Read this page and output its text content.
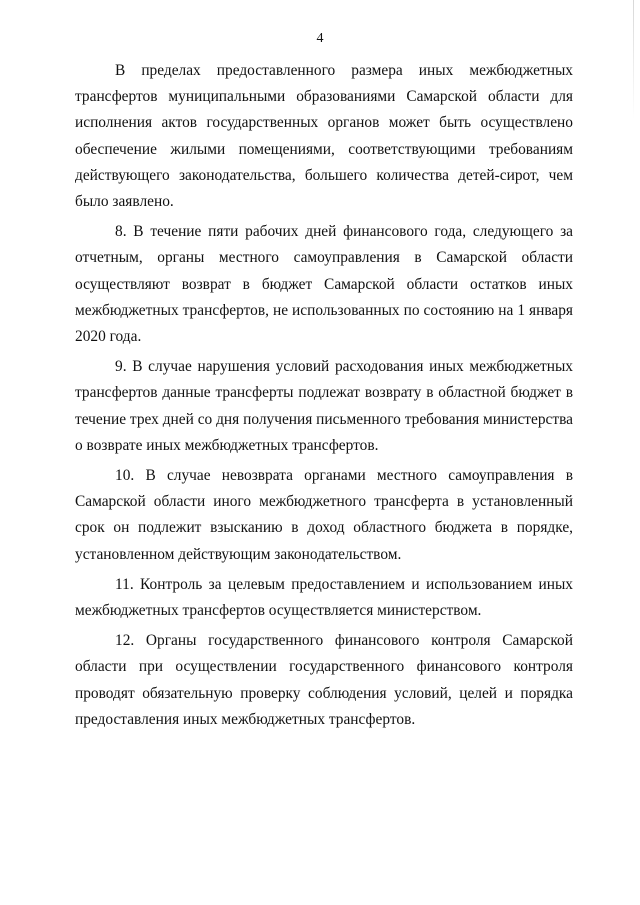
4

В пределах предоставленного размера иных межбюджетных трансфертов муниципальными образованиями Самарской области для исполнения актов государственных органов может быть осуществлено обеспечение жилыми помещениями, соответствующими требованиям действующего законодательства, большего количества детей-сирот, чем было заявлено.

8. В течение пяти рабочих дней финансового года, следующего за отчетным, органы местного самоуправления в Самарской области осуществляют возврат в бюджет Самарской области остатков иных межбюджетных трансфертов, не использованных по состоянию на 1 января 2020 года.

9. В случае нарушения условий расходования иных межбюджетных трансфертов данные трансферты подлежат возврату в областной бюджет в течение трех дней со дня получения письменного требования министерства о возврате иных межбюджетных трансфертов.

10. В случае невозврата органами местного самоуправления в Самарской области иного межбюджетного трансферта в установленный срок он подлежит взысканию в доход областного бюджета в порядке, установленном действующим законодательством.

11. Контроль за целевым предоставлением и использованием иных межбюджетных трансфертов осуществляется министерством.

12. Органы государственного финансового контроля Самарской области при осуществлении государственного финансового контроля проводят обязательную проверку соблюдения условий, целей и порядка предоставления иных межбюджетных трансфертов.
